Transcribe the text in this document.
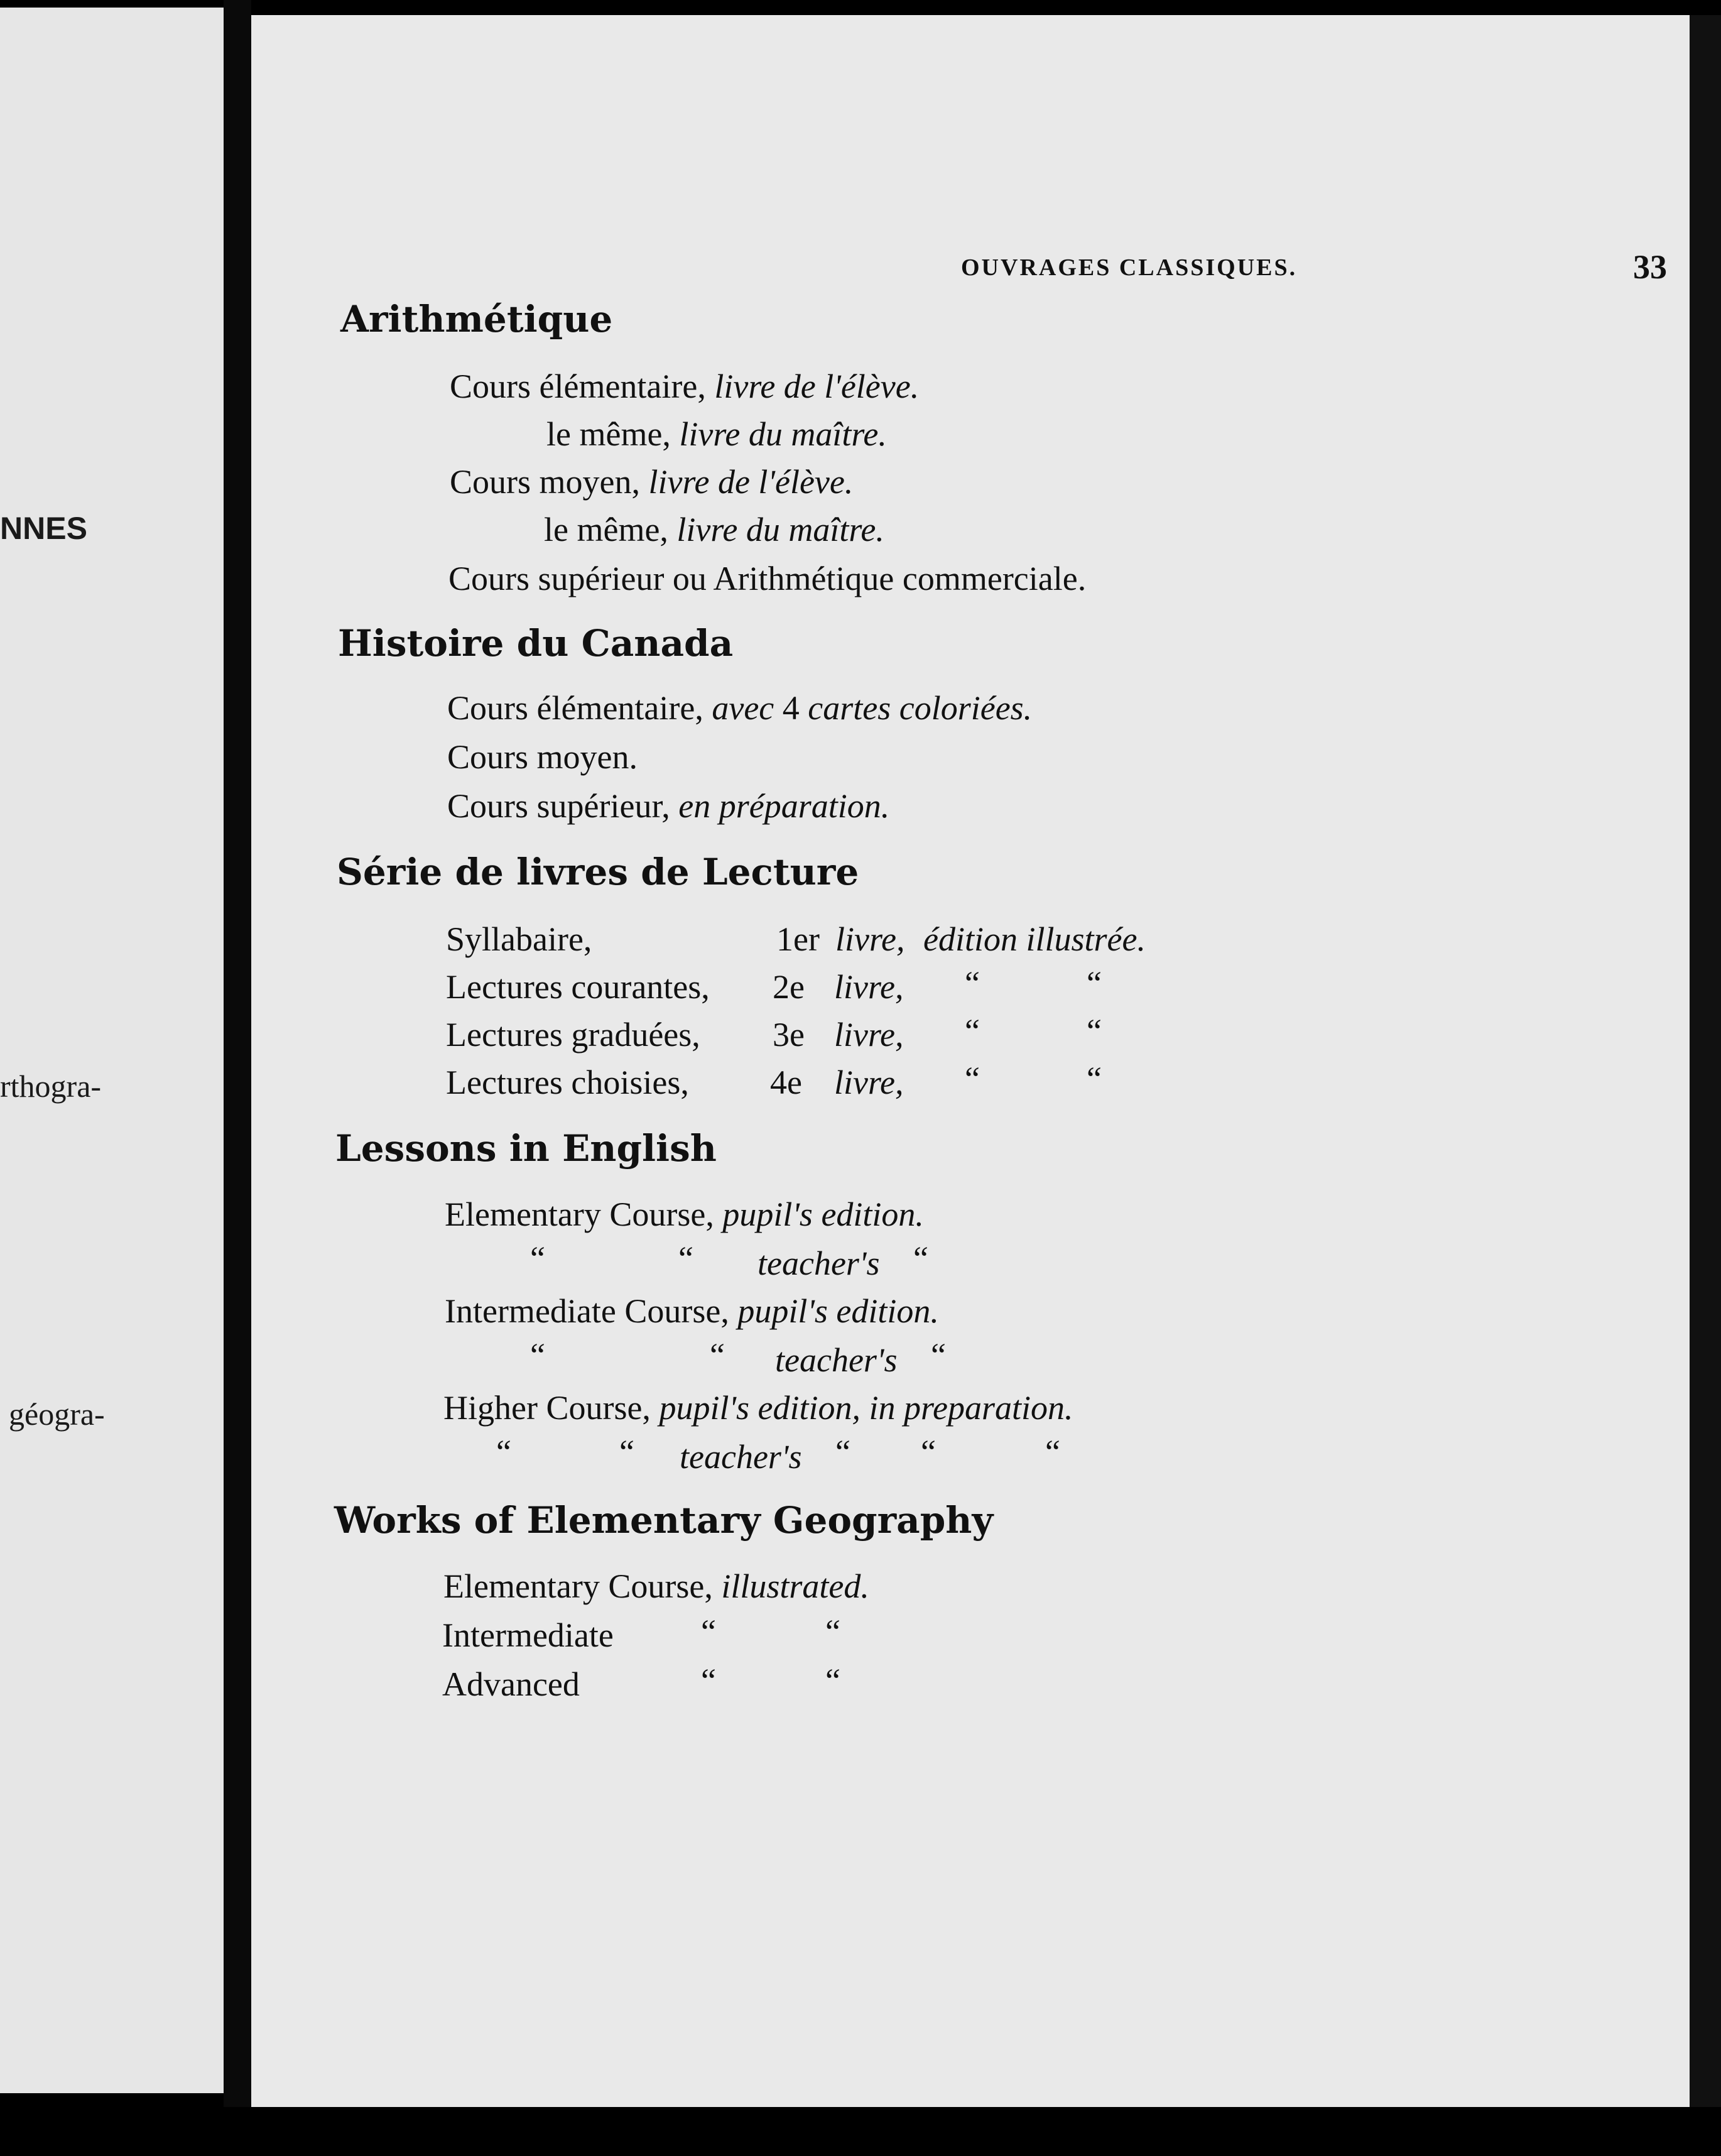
NNES
rthogra-
géogra-
OUVRAGES CLASSIQUES.	33
Arithmétique
Cours élémentaire, livre de l'élève.
le même, livre du maître.
Cours moyen, livre de l'élève.
le même, livre du maître.
Cours supérieur ou Arithmétique commerciale.
Histoire du Canada
Cours élémentaire, avec 4 cartes coloriées.
Cours moyen.
Cours supérieur, en préparation.
Série de livres de Lecture
Syllabaire,	1er livre, édition illustrée.
Lectures courantes, 2e livre, “	“
Lectures graduées, 3e livre, “	“
Lectures choisies, 4e livre, “	“
Lessons in English
Elementary Course, pupil's edition.
“	“ teacher's “
Intermediate Course, pupil's edition.
“	“ teacher's “
Higher Course, pupil's edition, in preparation.
“	“ teacher's “ “	“
Works of Elementary Geography
Elementary Course, illustrated.
Intermediate	“	“
Advanced	“	“
